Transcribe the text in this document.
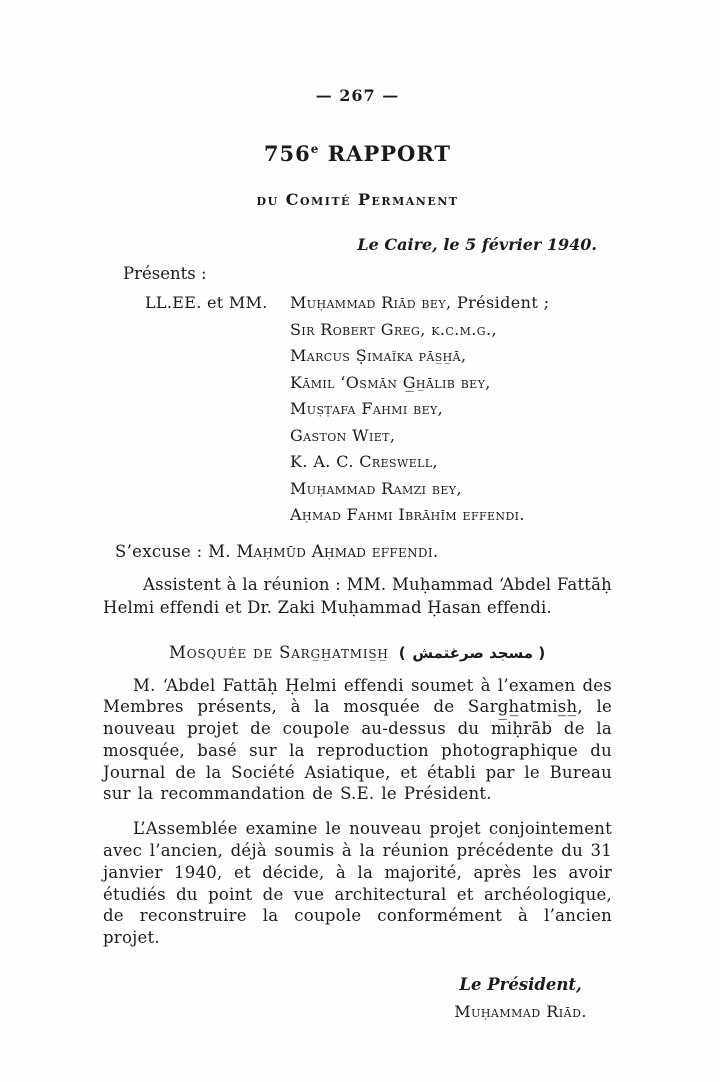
— 267 —
756e RAPPORT
du Comité Permanent
Le Caire, le 5 février 1940.
Présents :
LL.EE. et MM. Muḥammad Riād bey, Président ;
Sir Robert Greg, k.c.m.g.,
Marcus Ṣimaïka pās̲h̲ā,
Kāmil ‘Osmān G̲h̲ālib bey,
Muṣṭafa Fahmi bey,
Gaston Wiet,
K. A. C. Creswell,
Muḥammad Ramzi bey,
Aḥmad Fahmi Ibrāhīm effendi.
S’excuse : M. Maḥmūd Aḥmad effendi.
Assistent à la réunion : MM. Muḥammad ‘Abdel Fattāḥ Helmi effendi et Dr. Zaki Muḥammad Ḥasan effendi.
Mosquée de Sarg̲h̲atmis̲h̲ ( مسجد صرغتمش )
M. ‘Abdel Fattāḥ Ḥelmi effendi soumet à l’examen des Membres présents, à la mosquée de Sarg̲h̲atmis̲h̲, le nouveau projet de coupole au-dessus du miḥrāb de la mosquée, basé sur la reproduction photographique du Journal de la Société Asiatique, et établi par le Bureau sur la recommandation de S.E. le Président.
L’Assemblée examine le nouveau projet conjointement avec l’ancien, déjà soumis à la réunion précédente du 31 janvier 1940, et décide, à la majorité, après les avoir étudiés du point de vue architectural et archéologique, de reconstruire la coupole conformément à l’ancien projet.
Le Président,
Muḥammad Riād.
